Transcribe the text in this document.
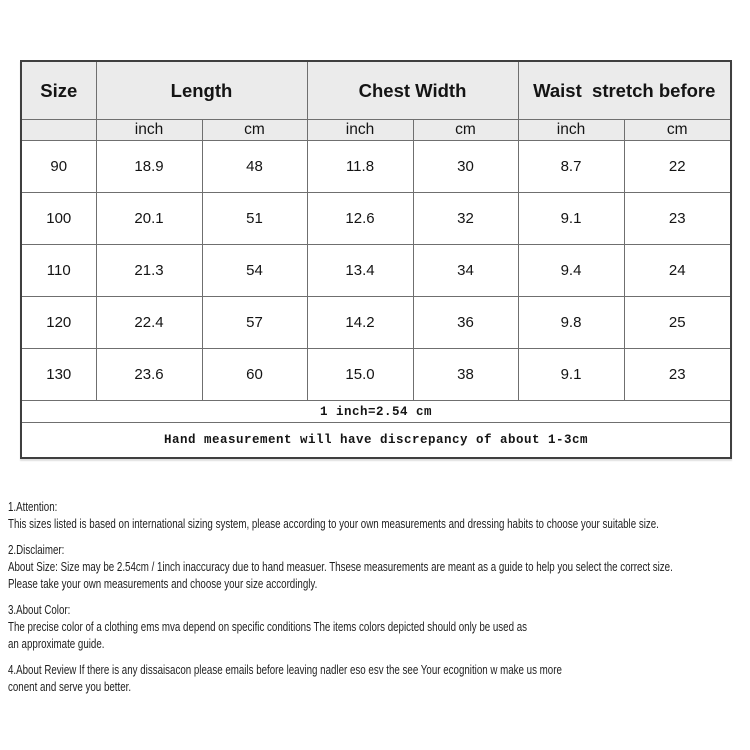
Size	Length		Chest Width		Waist  stretch before	
	inch	cm	inch	cm	inch	cm
90	18.9	48	11.8	30	8.7	22
100	20.1	51	12.6	32	9.1	23
110	21.3	54	13.4	34	9.4	24
120	22.4	57	14.2	36	9.8	25
130	23.6	60	15.0	38	9.1	23
1 inch=2.54 cm						
Hand measurement will have discrepancy of about 1-3cm						
1.Attention:
This sizes listed is based on international sizing system, please according to your own measurements and dressing habits to choose your suitable size.
2.Disclaimer:
About Size: Size may be 2.54cm / 1inch inaccuracy due to hand measuer. Thsese measurements are meant as a guide to help you select the correct size.
Please take your own measurements and choose your size accordingly.
3.About Color:
The precise color of a clothing ems mva depend on specific conditions The items colors depicted should only be used as
an approximate guide.
4.About Review If there is any dissaisacon please emails before leaving nadler eso esv the see Your ecognition w make us more
conent and serve you better.
